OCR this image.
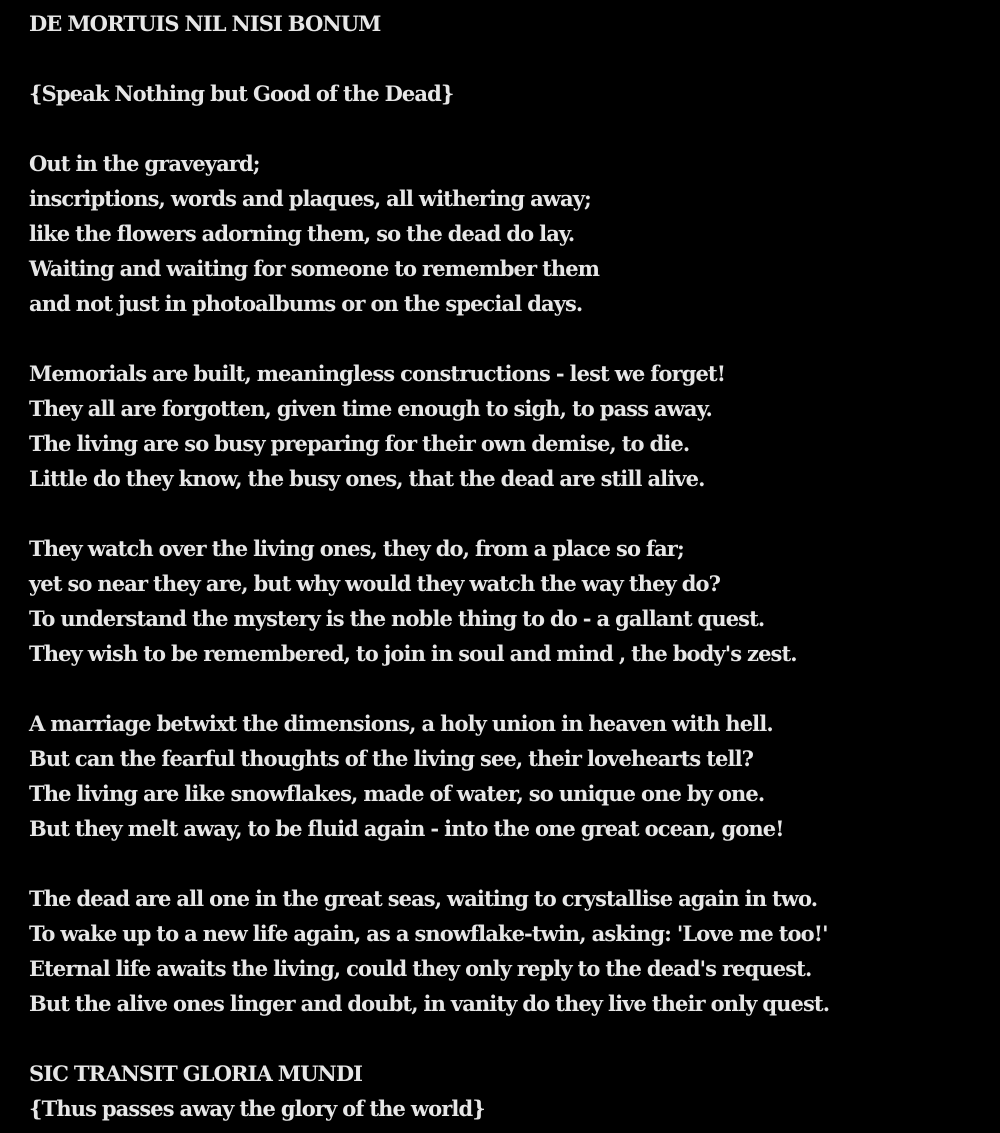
DE MORTUIS NIL NISI BONUM
{Speak Nothing but Good of the Dead}
Out in the graveyard;
inscriptions, words and plaques, all withering away;
like the flowers adorning them, so the dead do lay.
Waiting and waiting for someone to remember them
and not just in photoalbums or on the special days.
Memorials are built, meaningless constructions - lest we forget!
They all are forgotten, given time enough to sigh, to pass away.
The living are so busy preparing for their own demise, to die.
Little do they know, the busy ones, that the dead are still alive.
They watch over the living ones, they do, from a place so far;
yet so near they are, but why would they watch the way they do?
To understand the mystery is the noble thing to do - a gallant quest.
They wish to be remembered, to join in soul and mind , the body's zest.
A marriage betwixt the dimensions, a holy union in heaven with hell.
But can the fearful thoughts of the living see, their lovehearts tell?
The living are like snowflakes, made of water, so unique one by one.
But they melt away, to be fluid again - into the one great ocean, gone!
The dead are all one in the great seas, waiting to crystallise again in two.
To wake up to a new life again, as a snowflake-twin, asking: 'Love me too!'
Eternal life awaits the living, could they only reply to the dead's request.
But the alive ones linger and doubt, in vanity do they live their only quest.
SIC TRANSIT GLORIA MUNDI
{Thus passes away the glory of the world}
